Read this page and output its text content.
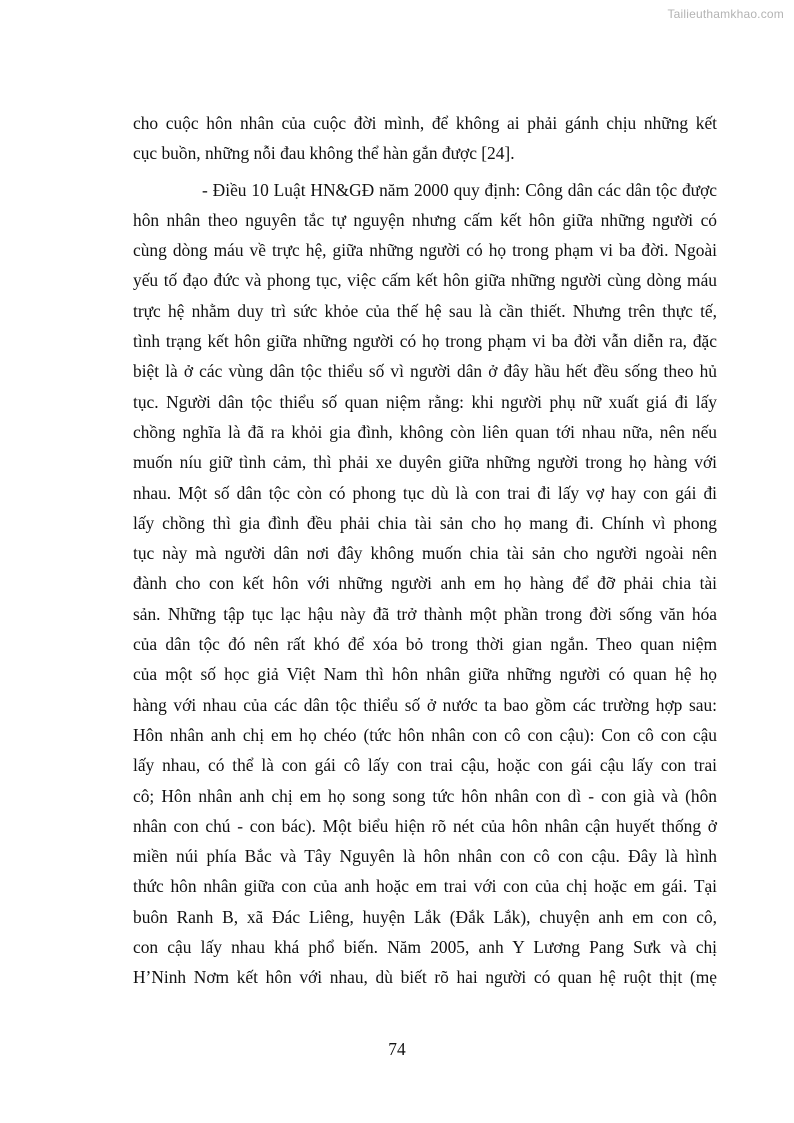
Tailieuthamkhao.com

cho cuộc hôn nhân của cuộc đời mình, để không ai phải gánh chịu những kết
cục buồn, những nỗi đau không thể hàn gắn được [24].

- Điều 10 Luật HN&GĐ năm 2000 quy định: Công dân các dân tộc được
hôn nhân theo nguyên tắc tự nguyện nhưng cấm kết hôn giữa những người có
cùng dòng máu về trực hệ, giữa những người có họ trong phạm vi ba đời. Ngoài
yếu tố đạo đức và phong tục, việc cấm kết hôn giữa những người cùng dòng máu
trực hệ nhằm duy trì sức khỏe của thế hệ sau là cần thiết. Nhưng trên thực tế,
tình trạng kết hôn giữa những người có họ trong phạm vi ba đời vẫn diễn ra, đặc
biệt là ở các vùng dân tộc thiểu số vì người dân ở đây hầu hết đều sống theo hủ
tục. Người dân tộc thiểu số quan niệm rằng: khi người phụ nữ xuất giá đi lấy
chồng nghĩa là đã ra khỏi gia đình, không còn liên quan tới nhau nữa, nên nếu
muốn níu giữ tình cảm, thì phải xe duyên giữa những người trong họ hàng với
nhau. Một số dân tộc còn có phong tục dù là con trai đi lấy vợ hay con gái đi
lấy chồng thì gia đình đều phải chia tài sản cho họ mang đi. Chính vì phong
tục này mà người dân nơi đây không muốn chia tài sản cho người ngoài nên
đành cho con kết hôn với những người anh em họ hàng để đỡ phải chia tài
sản. Những tập tục lạc hậu này đã trở thành một phần trong đời sống văn hóa
của dân tộc đó nên rất khó để xóa bỏ trong thời gian ngắn. Theo quan niệm
của một số học giả Việt Nam thì hôn nhân giữa những người có quan hệ họ
hàng với nhau của các dân tộc thiểu số ở nước ta bao gồm các trường hợp sau:
Hôn nhân anh chị em họ chéo (tức hôn nhân con cô con cậu): Con cô con cậu
lấy nhau, có thể là con gái cô lấy con trai cậu, hoặc con gái cậu lấy con trai
cô; Hôn nhân anh chị em họ song song tức hôn nhân con dì - con già và (hôn
nhân con chú - con bác). Một biểu hiện rõ nét của hôn nhân cận huyết thống ở
miền núi phía Bắc và Tây Nguyên là hôn nhân con cô con cậu. Đây là hình
thức hôn nhân giữa con của anh hoặc em trai với con của chị hoặc em gái. Tại
buôn Ranh B, xã Đác Liêng, huyện Lắk (Đắk Lắk), chuyện anh em con cô,
con cậu lấy nhau khá phổ biến. Năm 2005, anh Y Lương Pang Sưk và chị
H’Ninh Nơm kết hôn với nhau, dù biết rõ hai người có quan hệ ruột thịt (mẹ

74
